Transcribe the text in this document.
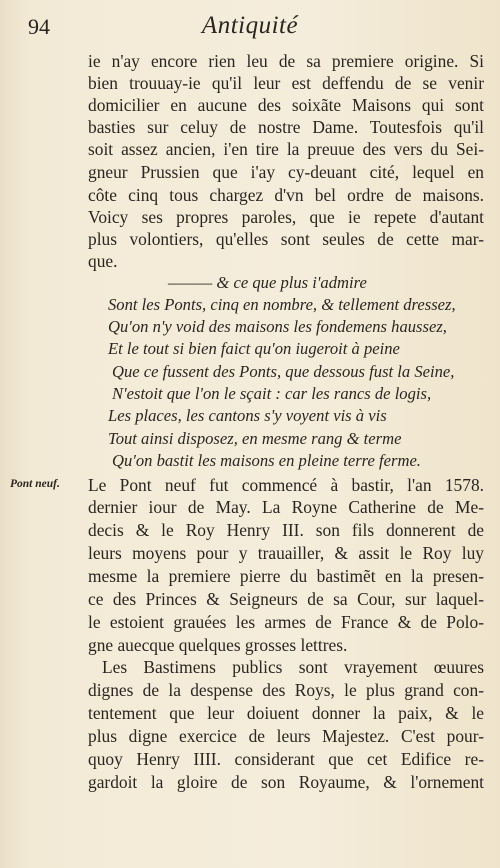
94	Antiquité
ie n'ay encore rien leu de sa premiere origine. Si
bien trouuay-ie qu'il leur est deffendu de se venir
domicilier en aucune des soixãte Maisons qui sont
basties sur celuy de nostre Dame. Toutesfois qu'il
soit assez ancien, i'en tire la preuue des vers du Sei-
gneur Prussien que i'ay cy-deuant cité, lequel en
côte cinq tous chargez d'vn bel ordre de maisons.
Voicy ses propres paroles, que ie repete d'autant
plus volontiers, qu'elles sont seules de cette mar-
que.
——— & ce que plus i'admire
Sont les Ponts, cinq en nombre, & tellement dressez,
Qu'on n'y void des maisons les fondemens haussez,
Et le tout si bien faict qu'on iugeroit à peine
Que ce fussent des Ponts, que dessous fust la Seine,
N'estoit que l'on le sçait : car les rancs de logis,
Les places, les cantons s'y voyent vis à vis
Tout ainsi disposez, en mesme rang & terme
Qu'on bastit les maisons en pleine terre ferme.
Pont neuf. Le Pont neuf fut commencé à bastir, l'an 1578.
dernier iour de May. La Royne Catherine de Me-
decis & le Roy Henry III. son fils donnerent de
leurs moyens pour y trauailler, & assit le Roy luy
mesme la premiere pierre du bastimẽt en la presen-
ce des Princes & Seigneurs de sa Cour, sur laquel-
le estoient grauées les armes de France & de Polo-
gne auecque quelques grosses lettres.
Les Bastimens publics sont vrayement œuures
dignes de la despense des Roys, le plus grand con-
tentement que leur doiuent donner la paix, & le
plus digne exercice de leurs Majestez. C'est pour-
quoy Henry IIII. considerant que cet Edifice re-
gardoit la gloire de son Royaume, & l'ornement
